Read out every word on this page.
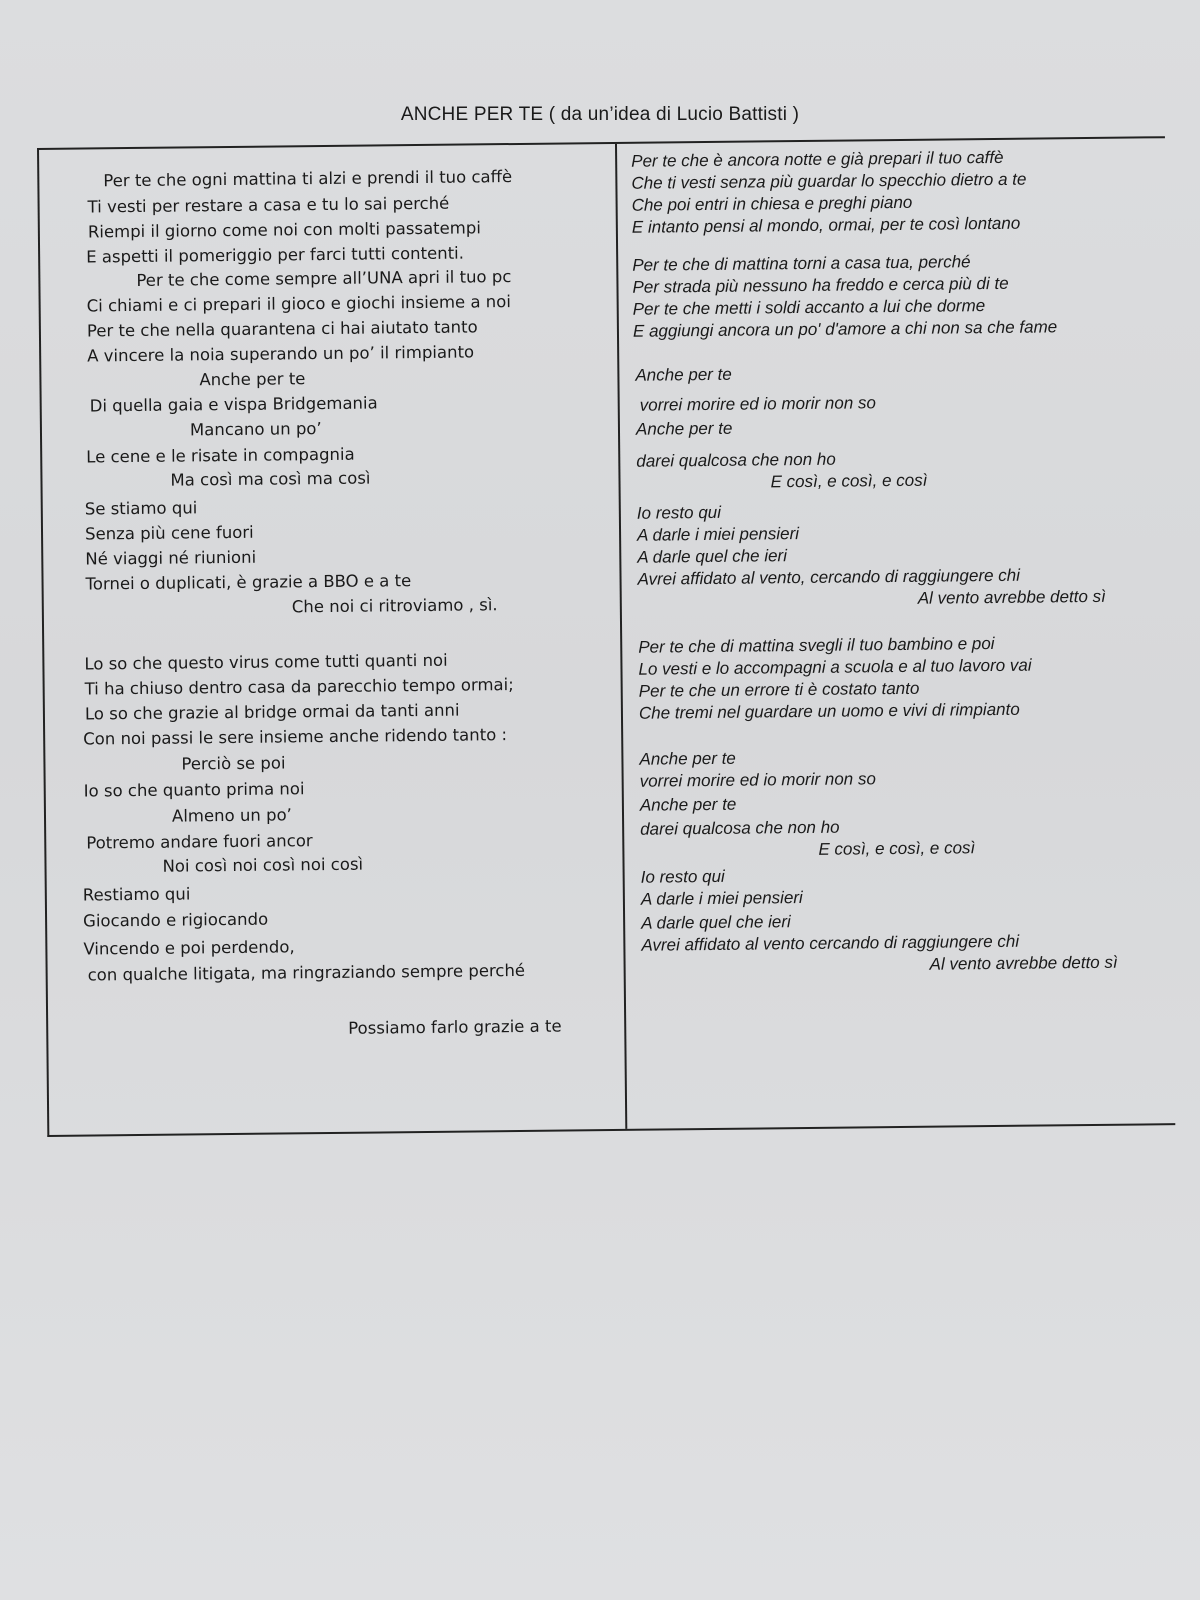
ANCHE PER TE ( da un’idea di Lucio Battisti )
Per te che ogni mattina ti alzi e prendi il tuo caffè
Ti vesti per restare a casa e tu lo sai perché
Riempi il giorno come noi con molti passatempi
E aspetti il pomeriggio per farci tutti contenti.
Per te che come sempre all’UNA apri il tuo pc
Ci chiami e ci prepari il gioco e giochi insieme a noi
Per te che nella quarantena ci hai aiutato tanto
A vincere la noia superando un po’ il rimpianto
Anche per te
Di quella gaia e vispa Bridgemania
Mancano un po’
Le cene e le risate in compagnia
Ma così ma così ma così
Se stiamo qui
Senza più cene fuori
Né viaggi né riunioni
Tornei o duplicati, è grazie a BBO e a te
Che noi ci ritroviamo , sì.
Lo so che questo virus come tutti quanti noi
Ti ha chiuso dentro casa da parecchio tempo ormai;
Lo so che grazie al bridge ormai da tanti anni
Con noi passi le sere insieme anche ridendo tanto :
Perciò se poi
Io so che quanto prima noi
Almeno un po’
Potremo andare fuori ancor
Noi così noi così noi così
Restiamo qui
Giocando e rigiocando
Vincendo e poi perdendo,
con qualche litigata, ma ringraziando sempre perché
Possiamo farlo grazie a te
Per te che è ancora notte e già prepari il tuo caffè
Che ti vesti senza più guardar lo specchio dietro a te
Che poi entri in chiesa e preghi piano
E intanto pensi al mondo, ormai, per te così lontano
Per te che di mattina torni a casa tua, perché
Per strada più nessuno ha freddo e cerca più di te
Per te che metti i soldi accanto a lui che dorme
E aggiungi ancora un po' d'amore a chi non sa che fame
Anche per te
vorrei morire ed io morir non so
Anche per te
darei qualcosa che non ho
E così, e così, e così
Io resto qui
A darle i miei pensieri
A darle quel che ieri
Avrei affidato al vento, cercando di raggiungere chi
Al vento avrebbe detto sì
Per te che di mattina svegli il tuo bambino e poi
Lo vesti e lo accompagni a scuola e al tuo lavoro vai
Per te che un errore ti è costato tanto
Che tremi nel guardare un uomo e vivi di rimpianto
Anche per te
vorrei morire ed io morir non so
Anche per te
darei qualcosa che non ho
E così, e così, e così
Io resto qui
A darle i miei pensieri
A darle quel che ieri
Avrei affidato al vento cercando di raggiungere chi
Al vento avrebbe detto sì
